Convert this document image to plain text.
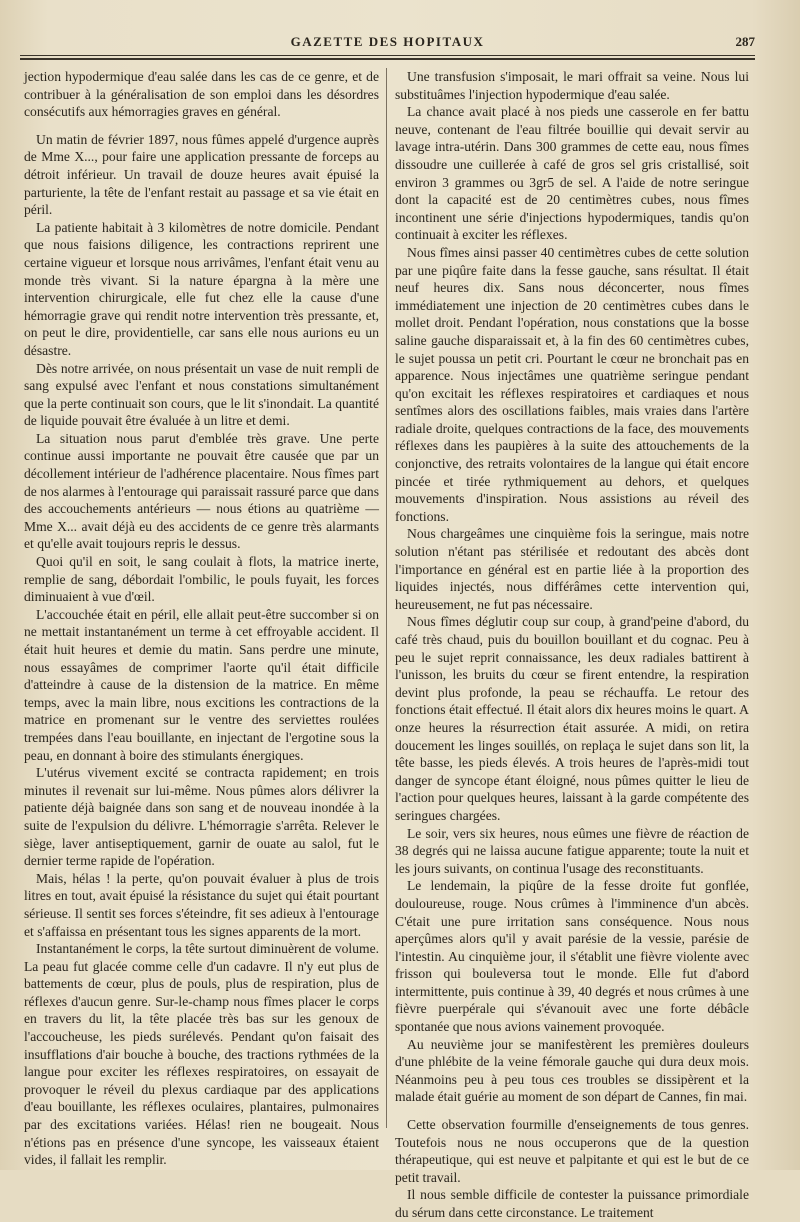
GAZETTE DES HOPITAUX	287

jection hypodermique d'eau salée dans les cas de ce genre, et de contribuer à la généralisation de son emploi dans les désordres consécutifs aux hémorragies graves en général.

Un matin de février 1897, nous fûmes appelé d'urgence auprès de Mme X..., pour faire une application pressante de forceps au détroit inférieur. Un travail de douze heures avait épuisé la parturiente, la tête de l'enfant restait au passage et sa vie était en péril.

La patiente habitait à 3 kilomètres de notre domicile. Pendant que nous faisions diligence, les contractions reprirent une certaine vigueur et lorsque nous arrivâmes, l'enfant était venu au monde très vivant. Si la nature épargna à la mère une intervention chirurgicale, elle fut chez elle la cause d'une hémorragie grave qui rendit notre intervention très pressante, et, on peut le dire, providentielle, car sans elle nous aurions eu un désastre.

Dès notre arrivée, on nous présentait un vase de nuit rempli de sang expulsé avec l'enfant et nous constations simultanément que la perte continuait son cours, que le lit s'inondait. La quantité de liquide pouvait être évaluée à un litre et demi.

La situation nous parut d'emblée très grave. Une perte continue aussi importante ne pouvait être causée que par un décollement intérieur de l'adhérence placentaire. Nous fîmes part de nos alarmes à l'entourage qui paraissait rassuré parce que dans des accouchements antérieurs — nous étions au quatrième — Mme X... avait déjà eu des accidents de ce genre très alarmants et qu'elle avait toujours repris le dessus.

Quoi qu'il en soit, le sang coulait à flots, la matrice inerte, remplie de sang, débordait l'ombilic, le pouls fuyait, les forces diminuaient à vue d'œil.

L'accouchée était en péril, elle allait peut-être succomber si on ne mettait instantanément un terme à cet effroyable accident. Il était huit heures et demie du matin. Sans perdre une minute, nous essayâmes de comprimer l'aorte qu'il était difficile d'atteindre à cause de la distension de la matrice. En même temps, avec la main libre, nous excitions les contractions de la matrice en promenant sur le ventre des serviettes roulées trempées dans l'eau bouillante, en injectant de l'ergotine sous la peau, en donnant à boire des stimulants énergiques.

L'utérus vivement excité se contracta rapidement; en trois minutes il revenait sur lui-même. Nous pûmes alors délivrer la patiente déjà baignée dans son sang et de nouveau inondée à la suite de l'expulsion du délivre. L'hémorragie s'arrêta. Relever le siège, laver antiseptiquement, garnir de ouate au salol, fut le dernier terme rapide de l'opération.

Mais, hélas ! la perte, qu'on pouvait évaluer à plus de trois litres en tout, avait épuisé la résistance du sujet qui était pourtant sérieuse. Il sentit ses forces s'éteindre, fit ses adieux à l'entourage et s'affaissa en présentant tous les signes apparents de la mort.

Instantanément le corps, la tête surtout diminuèrent de volume. La peau fut glacée comme celle d'un cadavre. Il n'y eut plus de battements de cœur, plus de pouls, plus de respiration, plus de réflexes d'aucun genre. Sur-le-champ nous fîmes placer le corps en travers du lit, la tête placée très bas sur les genoux de l'accoucheuse, les pieds surélevés. Pendant qu'on faisait des insufflations d'air bouche à bouche, des tractions rythmées de la langue pour exciter les réflexes respiratoires, on essayait de provoquer le réveil du plexus cardiaque par des applications d'eau bouillante, les réflexes oculaires, plantaires, pulmonaires par des excitations variées. Hélas! rien ne bougeait. Nous n'étions pas en présence d'une syncope, les vaisseaux étaient vides, il fallait les remplir.

Une transfusion s'imposait, le mari offrait sa veine. Nous lui substituâmes l'injection hypodermique d'eau salée.

La chance avait placé à nos pieds une casserole en fer battu neuve, contenant de l'eau filtrée bouillie qui devait servir au lavage intra-utérin. Dans 300 grammes de cette eau, nous fîmes dissoudre une cuillerée à café de gros sel gris cristallisé, soit environ 3 grammes ou 3gr5 de sel. A l'aide de notre seringue dont la capacité est de 20 centimètres cubes, nous fîmes incontinent une série d'injections hypodermiques, tandis qu'on continuait à exciter les réflexes.

Nous fîmes ainsi passer 40 centimètres cubes de cette solution par une piqûre faite dans la fesse gauche, sans résultat. Il était neuf heures dix. Sans nous déconcerter, nous fîmes immédiatement une injection de 20 centimètres cubes dans le mollet droit. Pendant l'opération, nous constations que la bosse saline gauche disparaissait et, à la fin des 60 centimètres cubes, le sujet poussa un petit cri. Pourtant le cœur ne bronchait pas en apparence. Nous injectâmes une quatrième seringue pendant qu'on excitait les réflexes respiratoires et cardiaques et nous sentîmes alors des oscillations faibles, mais vraies dans l'artère radiale droite, quelques contractions de la face, des mouvements réflexes dans les paupières à la suite des attouchements de la conjonctive, des retraits volontaires de la langue qui était encore pincée et tirée rythmiquement au dehors, et quelques mouvements d'inspiration. Nous assistions au réveil des fonctions.

Nous chargeâmes une cinquième fois la seringue, mais notre solution n'étant pas stérilisée et redoutant des abcès dont l'importance en général est en partie liée à la proportion des liquides injectés, nous différâmes cette intervention qui, heureusement, ne fut pas nécessaire.

Nous fîmes déglutir coup sur coup, à grand'peine d'abord, du café très chaud, puis du bouillon bouillant et du cognac. Peu à peu le sujet reprit connaissance, les deux radiales battirent à l'unisson, les bruits du cœur se firent entendre, la respiration devint plus profonde, la peau se réchauffa. Le retour des fonctions était effectué. Il était alors dix heures moins le quart. A onze heures la résurrection était assurée. A midi, on retira doucement les linges souillés, on replaça le sujet dans son lit, la tête basse, les pieds élevés. A trois heures de l'après-midi tout danger de syncope étant éloigné, nous pûmes quitter le lieu de l'action pour quelques heures, laissant à la garde compétente des seringues chargées.

Le soir, vers six heures, nous eûmes une fièvre de réaction de 38 degrés qui ne laissa aucune fatigue apparente; toute la nuit et les jours suivants, on continua l'usage des reconstituants.

Le lendemain, la piqûre de la fesse droite fut gonflée, douloureuse, rouge. Nous crûmes à l'imminence d'un abcès. C'était une pure irritation sans conséquence. Nous nous aperçûmes alors qu'il y avait parésie de la vessie, parésie de l'intestin. Au cinquième jour, il s'établit une fièvre violente avec frisson qui bouleversa tout le monde. Elle fut d'abord intermittente, puis continue à 39, 40 degrés et nous crûmes à une fièvre puerpérale qui s'évanouit avec une forte débâcle spontanée que nous avions vainement provoquée.

Au neuvième jour se manifestèrent les premières douleurs d'une phlébite de la veine fémorale gauche qui dura deux mois. Néanmoins peu à peu tous ces troubles se dissipèrent et la malade était guérie au moment de son départ de Cannes, fin mai.

Cette observation fourmille d'enseignements de tous genres. Toutefois nous ne nous occuperons que de la question thérapeutique, qui est neuve et palpitante et qui est le but de ce petit travail.

Il nous semble difficile de contester la puissance primordiale du sérum dans cette circonstance. Le traitement
